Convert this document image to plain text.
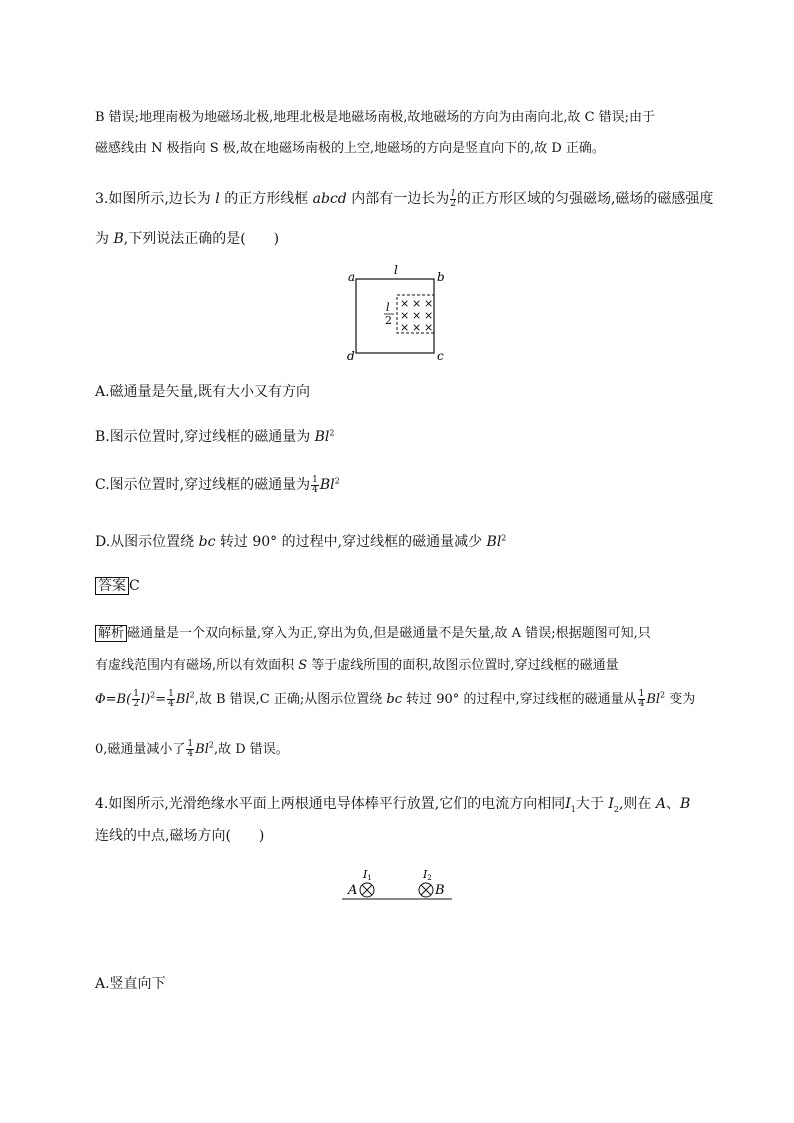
B 错误;地理南极为地磁场北极,地理北极是地磁场南极,故地磁场的方向为由南向北,故 C 错误;由于
磁感线由 N 极指向 S 极,故在地磁场南极的上空,地磁场的方向是竖直向下的,故 D 正确。
3.如图所示,边长为 l 的正方形线框 abcd 内部有一边长为 $\frac{l}{2}$ 的正方形区域的匀强磁场,磁场的磁感强度
为 B,下列说法正确的是(　　)
a	b
c
d
l
l
2
× × ×
× × ×
× × ×
A.磁通量是矢量,既有大小又有方向
B.图示位置时,穿过线框的磁通量为 Bl$^2$
C.图示位置时,穿过线框的磁通量为 $\frac{1}{4} Bl^2$
D.从图示位置绕 bc 转过 90° 的过程中,穿过线框的磁通量减少 Bl$^2$
答案 C
解析 磁通量是一个双向标量,穿入为正,穿出为负,但是磁通量不是矢量,故 A 错误;根据题图可知,只
有虚线范围内有磁场,所以有效面积 S 等于虚线所围的面积,故图示位置时,穿过线框的磁通量
$\Phi=B( \frac{1}{2} l)^2= \frac{1}{4} Bl^2$,故 B 错误,C 正确;从图示位置绕 bc 转过 90° 的过程中,穿过线框的磁通量从 $\frac{1}{4} Bl^2$ 变为
0,磁通量减小了 $\frac{1}{4} Bl^2$,故 D 错误。
4.如图所示,光滑绝缘水平面上两根通电导体棒平行放置,它们的电流方向相同$I_1$大于 $I_2$,则在 A、B
连线的中点,磁场方向(　　)
A
I1	I2
B
A.竖直向下
